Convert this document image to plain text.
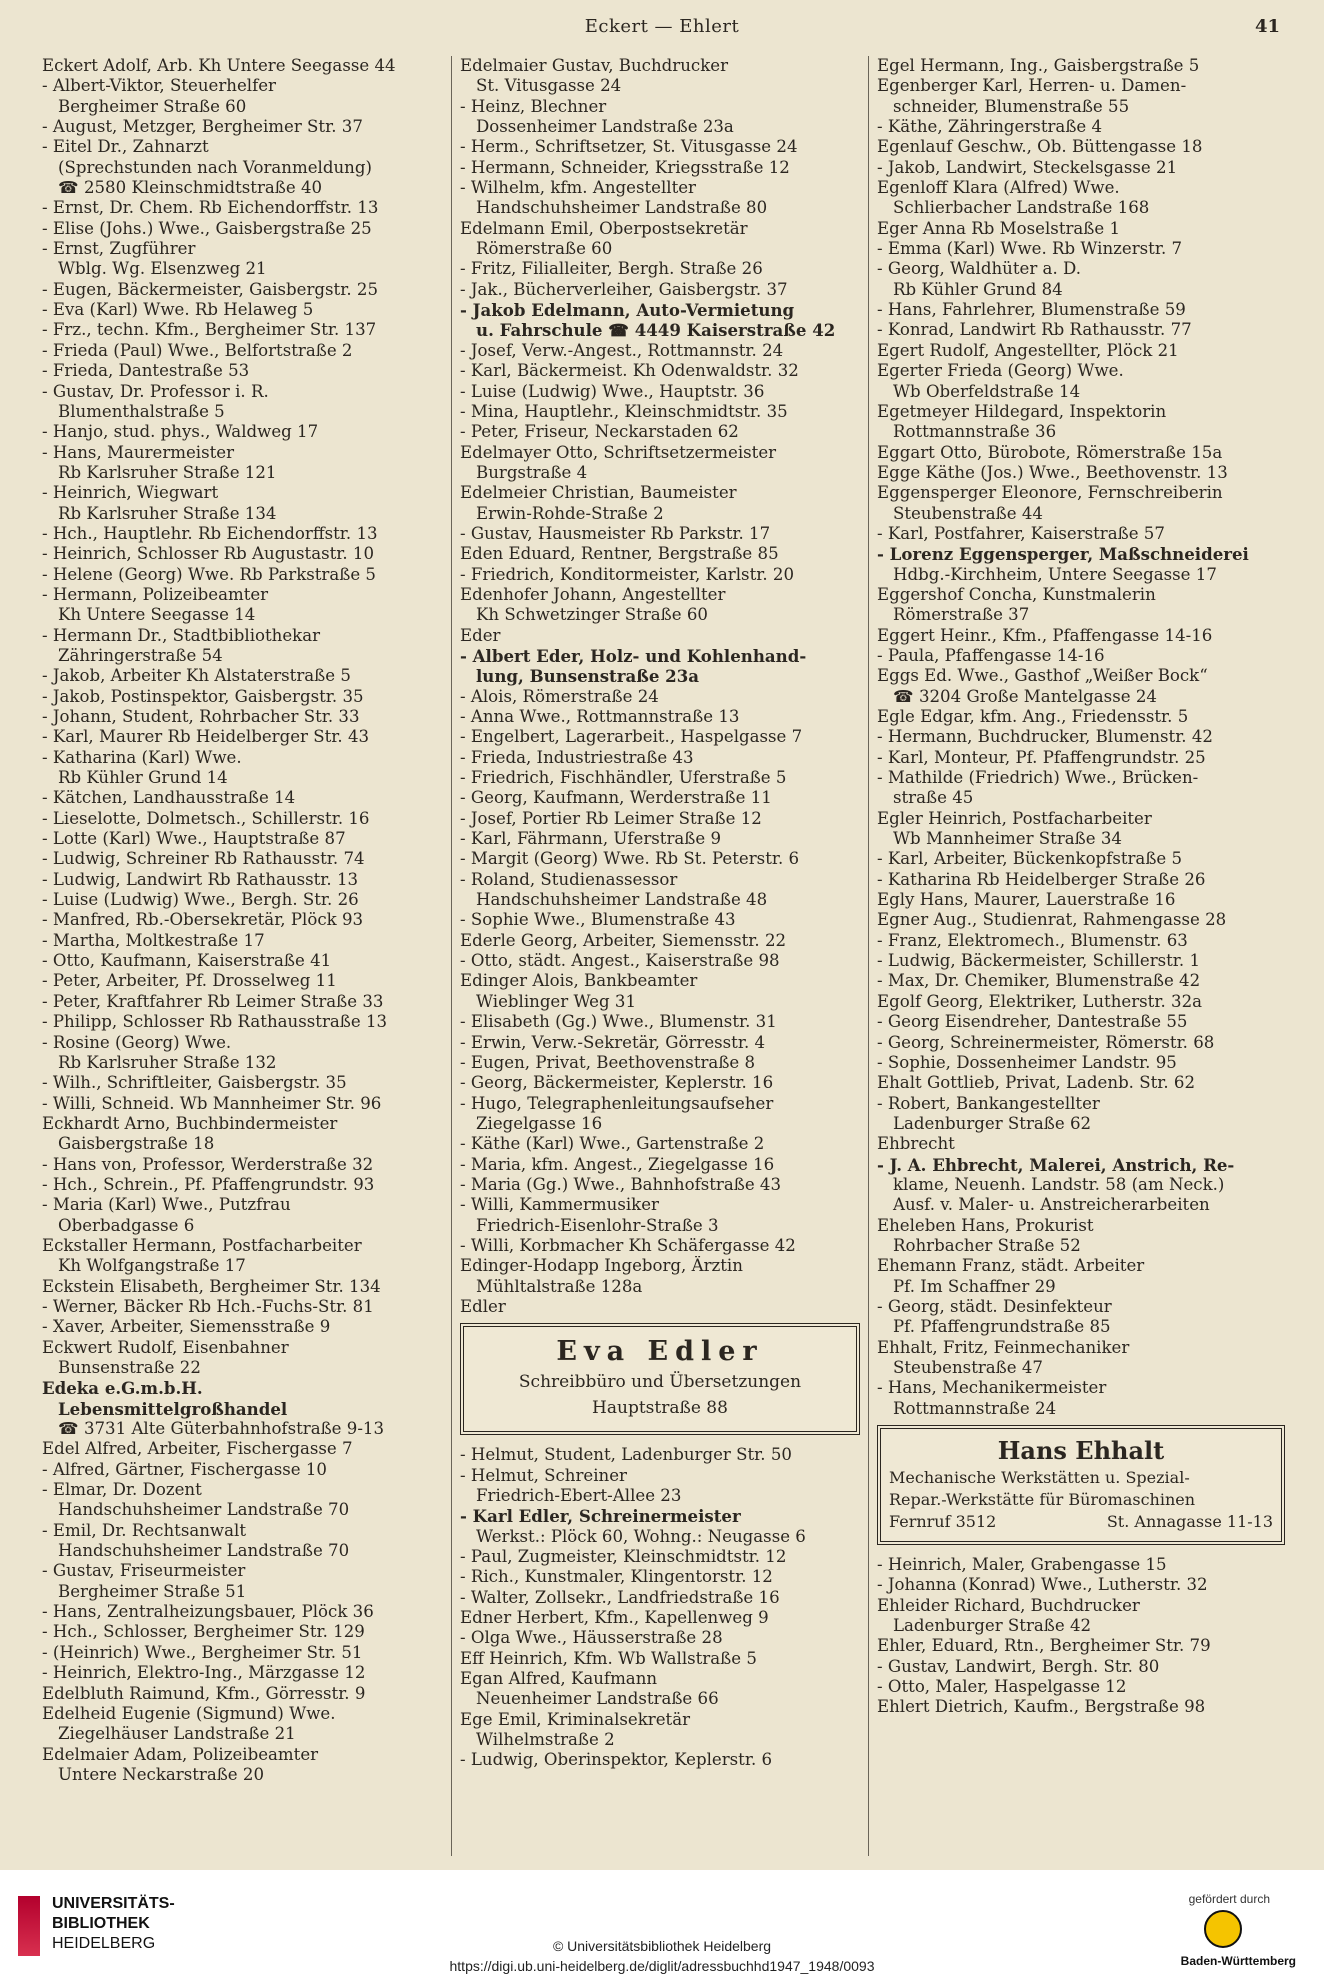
Eckert — Ehlert	41
Eckert Adolf, Arb. Kh Untere Seegasse 44
- Albert-Viktor, Steuerhelfer
Bergheimer Straße 60
- August, Metzger, Bergheimer Str. 37
- Eitel Dr., Zahnarzt
(Sprechstunden nach Voranmeldung)
☎ 2580 Kleinschmidtstraße 40
- Ernst, Dr. Chem. Rb Eichendorffstr. 13
- Elise (Johs.) Wwe., Gaisbergstraße 25
- Ernst, Zugführer
Wblg. Wg. Elsenzweg 21
- Eugen, Bäckermeister, Gaisbergstr. 25
- Eva (Karl) Wwe. Rb Helaweg 5
- Frz., techn. Kfm., Bergheimer Str. 137
- Frieda (Paul) Wwe., Belfortstraße 2
- Frieda, Dantestraße 53
- Gustav, Dr. Professor i. R.
Blumenthalstraße 5
- Hanjo, stud. phys., Waldweg 17
- Hans, Maurermeister
Rb Karlsruher Straße 121
- Heinrich, Wiegwart
Rb Karlsruher Straße 134
- Hch., Hauptlehr. Rb Eichendorffstr. 13
- Heinrich, Schlosser Rb Augustastr. 10
- Helene (Georg) Wwe. Rb Parkstraße 5
- Hermann, Polizeibeamter
Kh Untere Seegasse 14
- Hermann Dr., Stadtbibliothekar
Zähringerstraße 54
- Jakob, Arbeiter Kh Alstaterstraße 5
- Jakob, Postinspektor, Gaisbergstr. 35
- Johann, Student, Rohrbacher Str. 33
- Karl, Maurer Rb Heidelberger Str. 43
- Katharina (Karl) Wwe.
Rb Kühler Grund 14
- Kätchen, Landhausstraße 14
- Lieselotte, Dolmetsch., Schillerstr. 16
- Lotte (Karl) Wwe., Hauptstraße 87
- Ludwig, Schreiner Rb Rathausstr. 74
- Ludwig, Landwirt Rb Rathausstr. 13
- Luise (Ludwig) Wwe., Bergh. Str. 26
- Manfred, Rb.-Obersekretär, Plöck 93
- Martha, Moltkestraße 17
- Otto, Kaufmann, Kaiserstraße 41
- Peter, Arbeiter, Pf. Drosselweg 11
- Peter, Kraftfahrer Rb Leimer Straße 33
- Philipp, Schlosser Rb Rathausstraße 13
- Rosine (Georg) Wwe.
Rb Karlsruher Straße 132
- Wilh., Schriftleiter, Gaisbergstr. 35
- Willi, Schneid. Wb Mannheimer Str. 96
Eckhardt Arno, Buchbindermeister
Gaisbergstraße 18
- Hans von, Professor, Werderstraße 32
- Hch., Schrein., Pf. Pfaffengrundstr. 93
- Maria (Karl) Wwe., Putzfrau
Oberbadgasse 6
Eckstaller Hermann, Postfacharbeiter
Kh Wolfgangstraße 17
Eckstein Elisabeth, Bergheimer Str. 134
- Werner, Bäcker Rb Hch.-Fuchs-Str. 81
- Xaver, Arbeiter, Siemensstraße 9
Eckwert Rudolf, Eisenbahner
Bunsenstraße 22
Edeka e.G.m.b.H.
Lebensmittelgroßhandel
☎ 3731 Alte Güterbahnhofstraße 9-13
Edel Alfred, Arbeiter, Fischergasse 7
- Alfred, Gärtner, Fischergasse 10
- Elmar, Dr. Dozent
Handschuhsheimer Landstraße 70
- Emil, Dr. Rechtsanwalt
Handschuhsheimer Landstraße 70
- Gustav, Friseurmeister
Bergheimer Straße 51
- Hans, Zentralheizungsbauer, Plöck 36
- Hch., Schlosser, Bergheimer Str. 129
- (Heinrich) Wwe., Bergheimer Str. 51
- Heinrich, Elektro-Ing., Märzgasse 12
Edelbluth Raimund, Kfm., Görresstr. 9
Edelheid Eugenie (Sigmund) Wwe.
Ziegelhäuser Landstraße 21
Edelmaier Adam, Polizeibeamter
Untere Neckarstraße 20
Edelmaier Gustav, Buchdrucker
St. Vitusgasse 24
- Heinz, Blechner
Dossenheimer Landstraße 23a
- Herm., Schriftsetzer, St. Vitusgasse 24
- Hermann, Schneider, Kriegsstraße 12
- Wilhelm, kfm. Angestellter
Handschuhsheimer Landstraße 80
Edelmann Emil, Oberpostsekretär
Römerstraße 60
- Fritz, Filialleiter, Bergh. Straße 26
- Jak., Bücherverleiher, Gaisbergstr. 37
- Jakob Edelmann, Auto-Vermietung
u. Fahrschule ☎ 4449 Kaiserstraße 42
- Josef, Verw.-Angest., Rottmannstr. 24
- Karl, Bäckermeist. Kh Odenwaldstr. 32
- Luise (Ludwig) Wwe., Hauptstr. 36
- Mina, Hauptlehr., Kleinschmidtstr. 35
- Peter, Friseur, Neckarstaden 62
Edelmayer Otto, Schriftsetzermeister
Burgstraße 4
Edelmeier Christian, Baumeister
Erwin-Rohde-Straße 2
- Gustav, Hausmeister Rb Parkstr. 17
Eden Eduard, Rentner, Bergstraße 85
- Friedrich, Konditormeister, Karlstr. 20
Edenhofer Johann, Angestellter
Kh Schwetzinger Straße 60
Eder
- Albert Eder, Holz- und Kohlenhand-
lung, Bunsenstraße 23a
- Alois, Römerstraße 24
- Anna Wwe., Rottmannstraße 13
- Engelbert, Lagerarbeit., Haspelgasse 7
- Frieda, Industriestraße 43
- Friedrich, Fischhändler, Uferstraße 5
- Georg, Kaufmann, Werderstraße 11
- Josef, Portier Rb Leimer Straße 12
- Karl, Fährmann, Uferstraße 9
- Margit (Georg) Wwe. Rb St. Peterstr. 6
- Roland, Studienassessor
Handschuhsheimer Landstraße 48
- Sophie Wwe., Blumenstraße 43
Ederle Georg, Arbeiter, Siemensstr. 22
- Otto, städt. Angest., Kaiserstraße 98
Edinger Alois, Bankbeamter
Wieblinger Weg 31
- Elisabeth (Gg.) Wwe., Blumenstr. 31
- Erwin, Verw.-Sekretär, Görresstr. 4
- Eugen, Privat, Beethovenstraße 8
- Georg, Bäckermeister, Keplerstr. 16
- Hugo, Telegraphenleitungsaufseher
Ziegelgasse 16
- Käthe (Karl) Wwe., Gartenstraße 2
- Maria, kfm. Angest., Ziegelgasse 16
- Maria (Gg.) Wwe., Bahnhofstraße 43
- Willi, Kammermusiker
Friedrich-Eisenlohr-Straße 3
- Willi, Korbmacher Kh Schäfergasse 42
Edinger-Hodapp Ingeborg, Ärztin
Mühltalstraße 128a
Edler
Eva Edler
Schreibbüro und Übersetzungen
Hauptstraße 88
- Helmut, Student, Ladenburger Str. 50
- Helmut, Schreiner
Friedrich-Ebert-Allee 23
- Karl Edler, Schreinermeister
Werkst.: Plöck 60, Wohng.: Neugasse 6
- Paul, Zugmeister, Kleinschmidtstr. 12
- Rich., Kunstmaler, Klingentorstr. 12
- Walter, Zollsekr., Landfriedstraße 16
Edner Herbert, Kfm., Kapellenweg 9
- Olga Wwe., Häusserstraße 28
Eff Heinrich, Kfm. Wb Wallstraße 5
Egan Alfred, Kaufmann
Neuenheimer Landstraße 66
Ege Emil, Kriminalsekretär
Wilhelmstraße 2
- Ludwig, Oberinspektor, Keplerstr. 6
Egel Hermann, Ing., Gaisbergstraße 5
Egenberger Karl, Herren- u. Damen-
schneider, Blumenstraße 55
- Käthe, Zähringerstraße 4
Egenlauf Geschw., Ob. Büttengasse 18
- Jakob, Landwirt, Steckelsgasse 21
Egenloff Klara (Alfred) Wwe.
Schlierbacher Landstraße 168
Eger Anna Rb Moselstraße 1
- Emma (Karl) Wwe. Rb Winzerstr. 7
- Georg, Waldhüter a. D.
Rb Kühler Grund 84
- Hans, Fahrlehrer, Blumenstraße 59
- Konrad, Landwirt Rb Rathausstr. 77
Egert Rudolf, Angestellter, Plöck 21
Egerter Frieda (Georg) Wwe.
Wb Oberfeldstraße 14
Egetmeyer Hildegard, Inspektorin
Rottmannstraße 36
Eggart Otto, Bürobote, Römerstraße 15a
Egge Käthe (Jos.) Wwe., Beethovenstr. 13
Eggensperger Eleonore, Fernschreiberin
Steubenstraße 44
- Karl, Postfahrer, Kaiserstraße 57
- Lorenz Eggensperger, Maßschneiderei
Hdbg.-Kirchheim, Untere Seegasse 17
Eggershof Concha, Kunstmalerin
Römerstraße 37
Eggert Heinr., Kfm., Pfaffengasse 14-16
- Paula, Pfaffengasse 14-16
Eggs Ed. Wwe., Gasthof „Weißer Bock“
☎ 3204 Große Mantelgasse 24
Egle Edgar, kfm. Ang., Friedensstr. 5
- Hermann, Buchdrucker, Blumenstr. 42
- Karl, Monteur, Pf. Pfaffengrundstr. 25
- Mathilde (Friedrich) Wwe., Brücken-
straße 45
Egler Heinrich, Postfacharbeiter
Wb Mannheimer Straße 34
- Karl, Arbeiter, Bückenkopfstraße 5
- Katharina Rb Heidelberger Straße 26
Egly Hans, Maurer, Lauerstraße 16
Egner Aug., Studienrat, Rahmengasse 28
- Franz, Elektromech., Blumenstr. 63
- Ludwig, Bäckermeister, Schillerstr. 1
- Max, Dr. Chemiker, Blumenstraße 42
Egolf Georg, Elektriker, Lutherstr. 32a
- Georg Eisendreher, Dantestraße 55
- Georg, Schreinermeister, Römerstr. 68
- Sophie, Dossenheimer Landstr. 95
Ehalt Gottlieb, Privat, Ladenb. Str. 62
- Robert, Bankangestellter
Ladenburger Straße 62
Ehbrecht
- J. A. Ehbrecht, Malerei, Anstrich, Re-
klame, Neuenh. Landstr. 58 (am Neck.)
Ausf. v. Maler- u. Anstreicherarbeiten
Eheleben Hans, Prokurist
Rohrbacher Straße 52
Ehemann Franz, städt. Arbeiter
Pf. Im Schaffner 29
- Georg, städt. Desinfekteur
Pf. Pfaffengrundstraße 85
Ehhalt, Fritz, Feinmechaniker
Steubenstraße 47
- Hans, Mechanikermeister
Rottmannstraße 24
Hans Ehhalt
Mechanische Werkstätten u. Spezial-
Repar.-Werkstätte für Büromaschinen
Fernruf 3512	St. Annagasse 11-13
- Heinrich, Maler, Grabengasse 15
- Johanna (Konrad) Wwe., Lutherstr. 32
Ehleider Richard, Buchdrucker
Ladenburger Straße 42
Ehler, Eduard, Rtn., Bergheimer Str. 79
- Gustav, Landwirt, Bergh. Str. 80
- Otto, Maler, Haspelgasse 12
Ehlert Dietrich, Kaufm., Bergstraße 98
UNIVERSITÄTS-
BIBLIOTHEK
HEIDELBERG	© Universitätsbibliothek Heidelberg
https://digi.ub.uni-heidelberg.de/diglit/adressbuchhd1947_1948/0093
gefördert durch
Baden-Württemberg
